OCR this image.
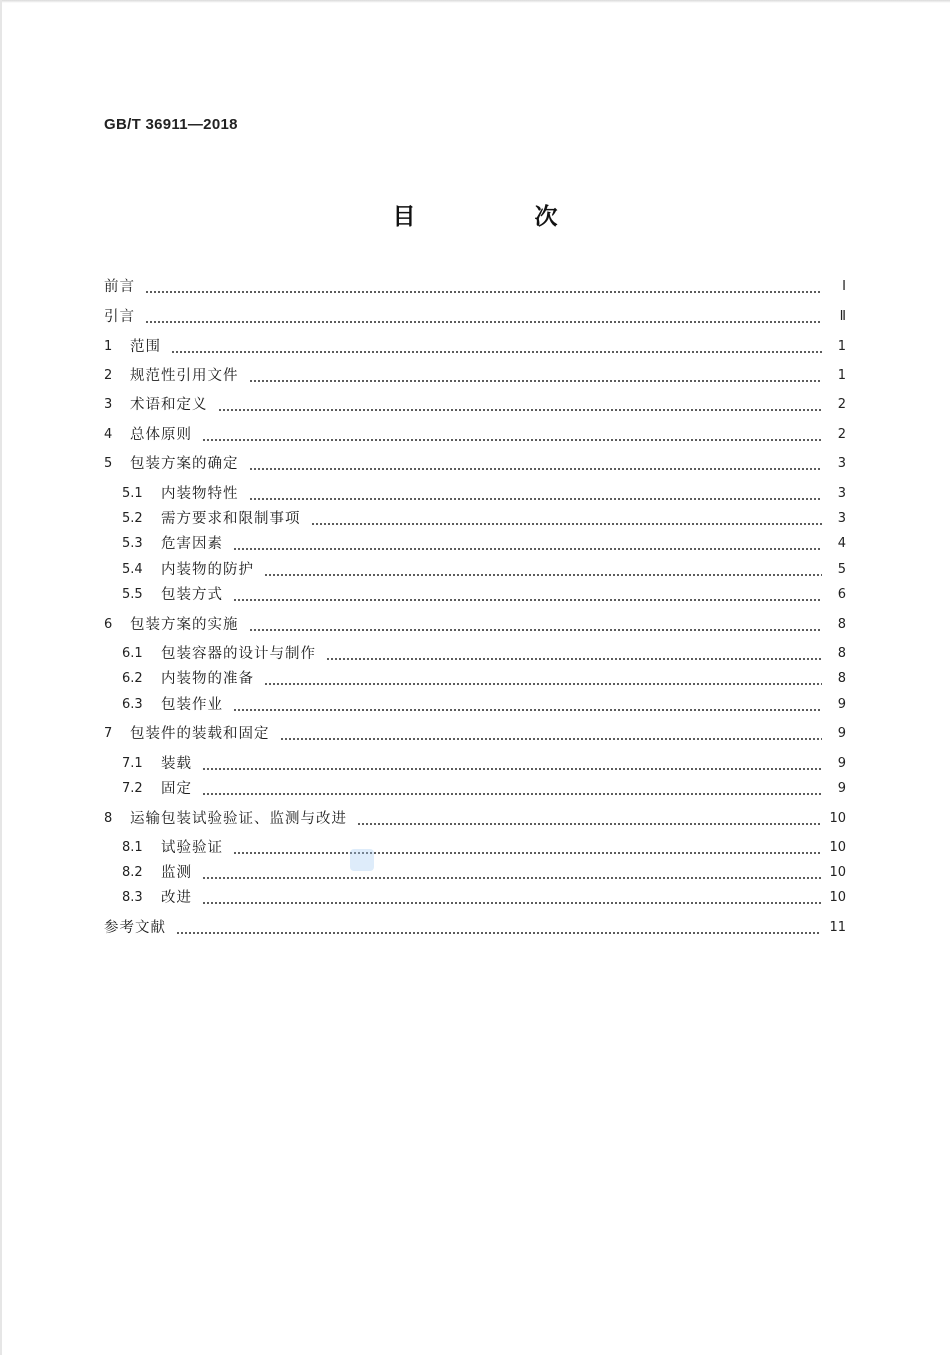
GB/T 36911—2018
目　次
前言	Ⅰ
引言	Ⅱ
1	范围	1
2	规范性引用文件	1
3	术语和定义	2
4	总体原则	2
5	包装方案的确定	3
5.1	内装物特性	3
5.2	需方要求和限制事项	3
5.3	危害因素	4
5.4	内装物的防护	5
5.5	包装方式	6
6	包装方案的实施	8
6.1	包装容器的设计与制作	8
6.2	内装物的准备	8
6.3	包装作业	9
7	包装件的装载和固定	9
7.1	装载	9
7.2	固定	9
8	运输包装试验验证、监测与改进	10
8.1	试验验证	10
8.2	监测	10
8.3	改进	10
参考文献	11
